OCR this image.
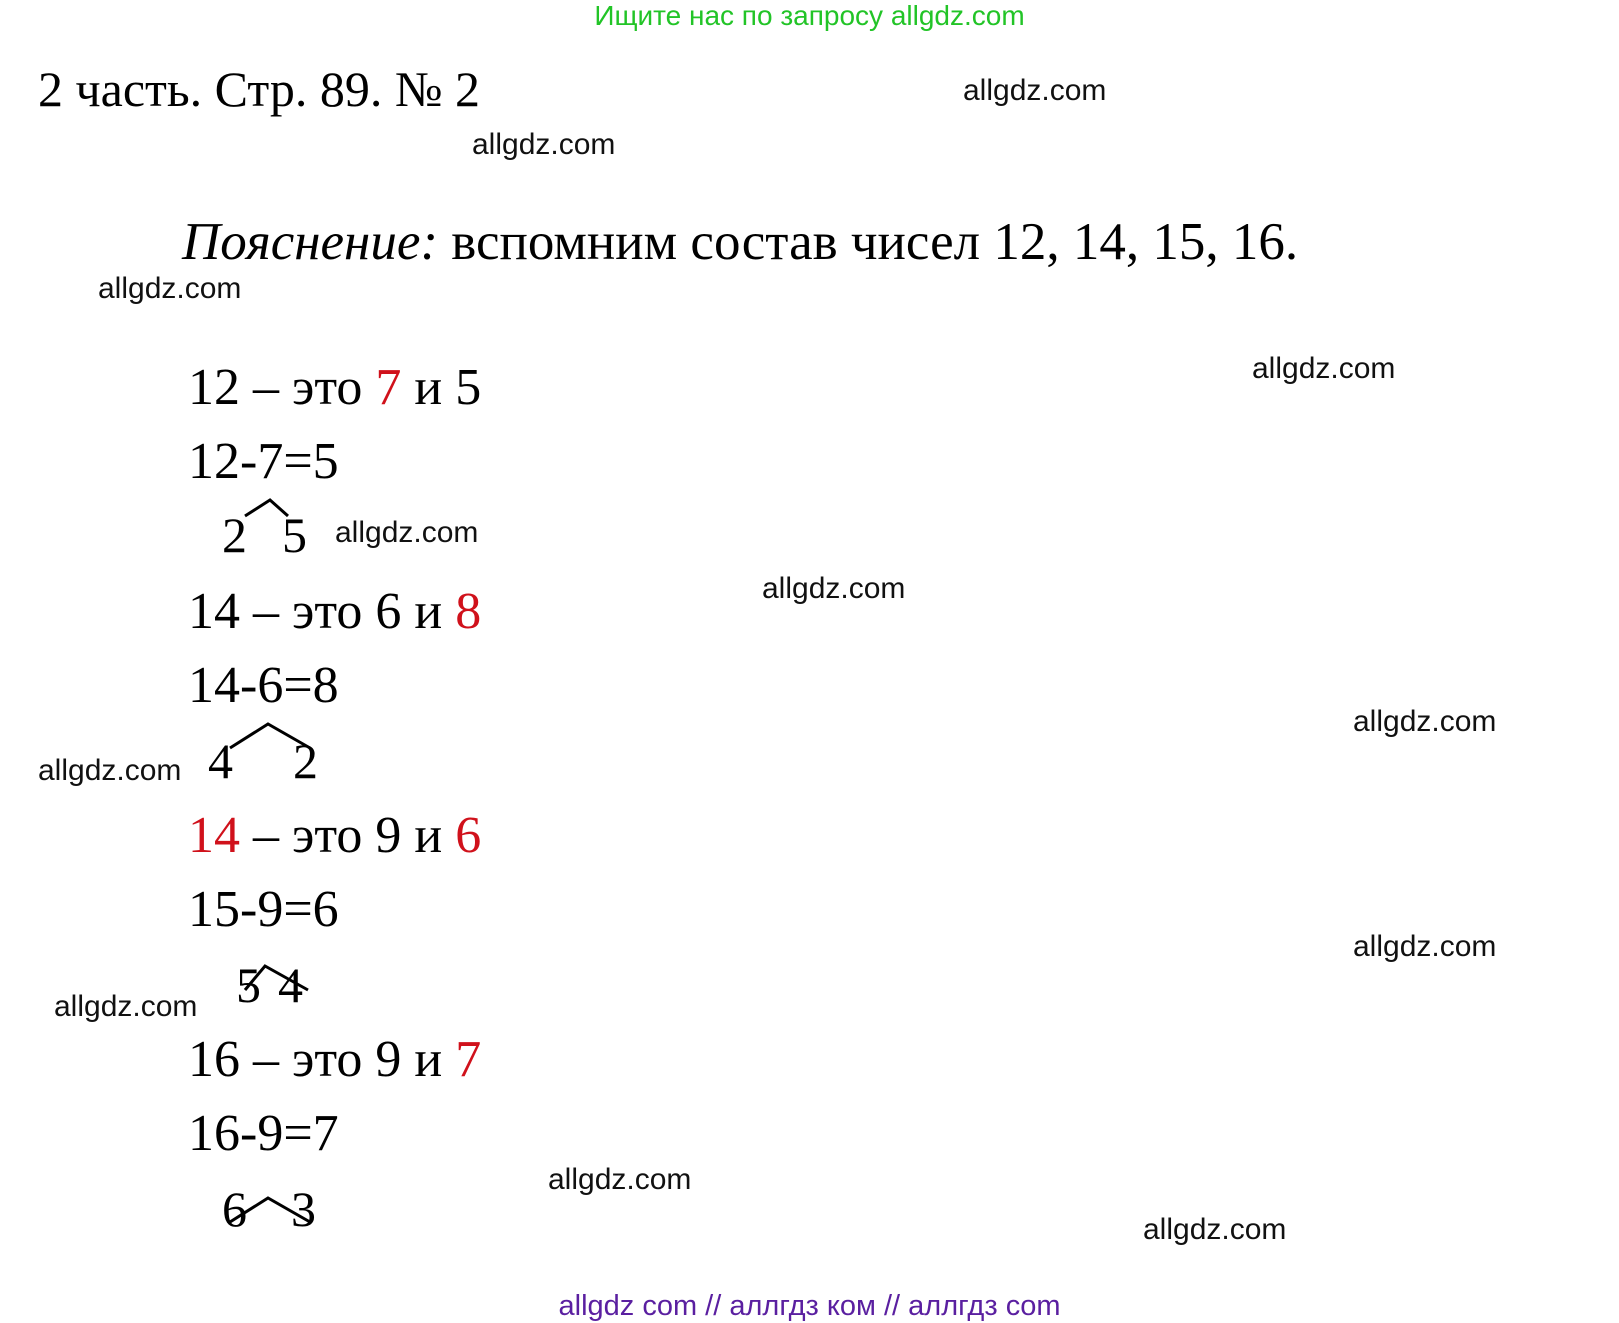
Ищите нас по запросу allgdz.com
2 часть. Стр. 89. № 2
Пояснение: вспомним состав чисел 12, 14, 15, 16.
12 – это 7 и 5
12-7=5
2 5
14 – это 6 и 8
14-6=8
4 2
14 – это 9 и 6
15-9=6
5 4
16 – это 9 и 7
16-9=7
6 3
allgdz.com
allgdz.com
allgdz.com
allgdz.com
allgdz.com
allgdz.com
allgdz.com
allgdz.com
allgdz.com
allgdz.com
allgdz.com
allgdz.com
allgdz com // аллгдз ком // аллгдз com
